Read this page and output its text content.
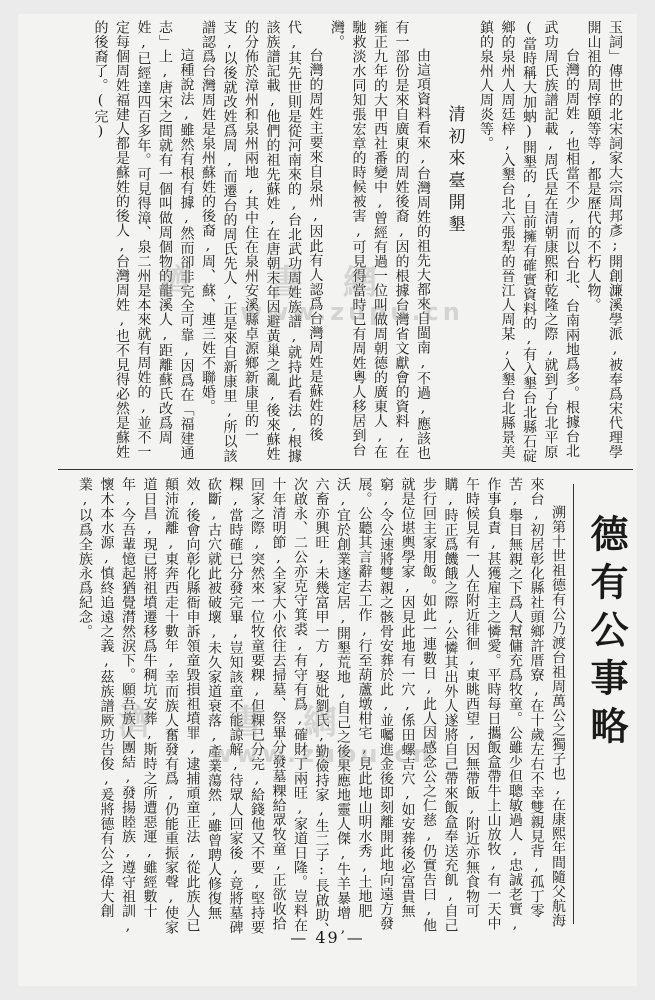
玉詞」傳世的北宋詞家大宗周邦彥;開創濂溪學派,被奉爲宋代理學開山祖的周惇頤等等,都是歷代的不朽人物。

台灣的周姓,也相當不少,而以台北、台南兩地爲多。根據台北武功周氏族譜記載,周氏是在清朝康熙和乾隆之際,就到了台北平原(當時稱大加蚋)開墾的,目前擁有確實資料的,有入墾台北縣石碇鄉的泉州人周廷梓,入墾台北六張犁的晉江人周某,入墾台北縣景美鎮的泉州人周炎等。

清初來臺開墾

由這項資料看來,台灣周姓的祖先大都來自閩南,不過,應該也有一部份是來自廣東的周姓後裔,因的根據台灣省文獻會的資料,在雍正九年的大甲西社番變中,曾經有過一位叫做周朝德的廣東人,在馳救淡水同知張宏章的時候被害,可見得當時已有周姓粵人移居到台灣。

台灣的周姓主要來自泉州,因此有人認爲台灣周姓是蘇姓的後代,其先世則是從河南來的,台北武功周姓族譜,就持此看法,根據該族譜記載,他們的祖先蘇姓,在唐朝末年因避黃巢之亂,後來蘇姓的分佈於漳州和泉州兩地,其中住在泉州安溪縣卓源鄉新康里的一支,以後就改姓爲周,而遷台的周氏先人,正是來自新康里,所以該譜認爲台灣周姓是泉州蘇姓的後裔,周、蘇、連三姓不聯婚。

這種說法,雖然有根有據,然而卻非完全可靠,因爲在「福建通志」上,唐宋之間就有一個叫做周個物的龍溪人,距離蘇氏改爲周姓,已經達四百多年。可見得漳、泉二州是本來就有周姓的,並不一定每個周姓福建人都是蘇姓的後人,台灣周姓,也不見得必然是蘇姓的後裔了。(完)

德有公事略

溯第十世祖德有公乃渡台祖周萬公之獨子也,在康熙年間隨父航海來台,初居彰化縣社頭鄉許厝寮,在十歲左右不幸雙親見背,孤丁零苦,舉目無親之下爲人幫傭充爲牧童。公雖少但聰敏過人,忠誠老實,作事負責,甚獲雇主之憐愛。平時每日攜飯盒帶牛上山放牧,有一天中午時候見有一人在附近徘徊,東眺西望,因無帶飯,附近亦無食物可購,時正爲饑餓之際,公憐其出外人遂將自己帶來飯盒奉送充飢,自己步行回主家用飯。如此一連數日,此人因感念公之仁慈,仍實告曰,他就是位堪輿學家,因見此地有一穴,係田螺吉穴,如安葬後必富貴無窮,令公速將雙親之骸骨安葬於此,並囑進金後即刻離開此地向遠方發展。公聽其言辭去工作,行至葫蘆墩柑宅,見此地山明水秀,土地肥沃,宜於創業遂定居,開墾荒地,自己之後果應地靈人傑,牛羊暴增,六畜亦興旺,未幾富甲一方,娶妣劉氏,勤儉持家,生二子:長啟助、次啟永、二公亦克守箕裘,有守有爲,確財丁兩旺,家道日隆。豈料在十年清明節,全家大小依往去掃墓、祭畢分發墓粿給眾牧童,正欲收拾回家之際,突然來一位牧童要粿,但粿已分完,給錢他又不要,堅持要粿,當時確已分發完畢,豈知該童不能諒解,待眾人回家後,竟將墓碑砍斷,古穴就此被破壞,未久家道衰落,產業蕩然,雖曾聘人修復無效,後會向彰化縣衙申訴領童毀損祖墳罪,逮捕頑童正法,從此族人已顛沛流離,東奔西走十數年,幸而族人奮發有爲,仍能重振家聲,使家道日昌,現已將祖墳遷移爲牛稠坑安葬,斯時之所遭惡運,雖經數十年,今吾輩憶起猶覺潸然淚下。願吾族人團結,發揚睦族,遵守祖訓,懷木本水源,慎終追遠之義,茲族譜厥功告俊,爰將德有公之偉大創業,以爲全族永爲紀念。

— 49 —
濟　　書　網
www.zupu.cn
濟　　書　網
www.zupu.cn
